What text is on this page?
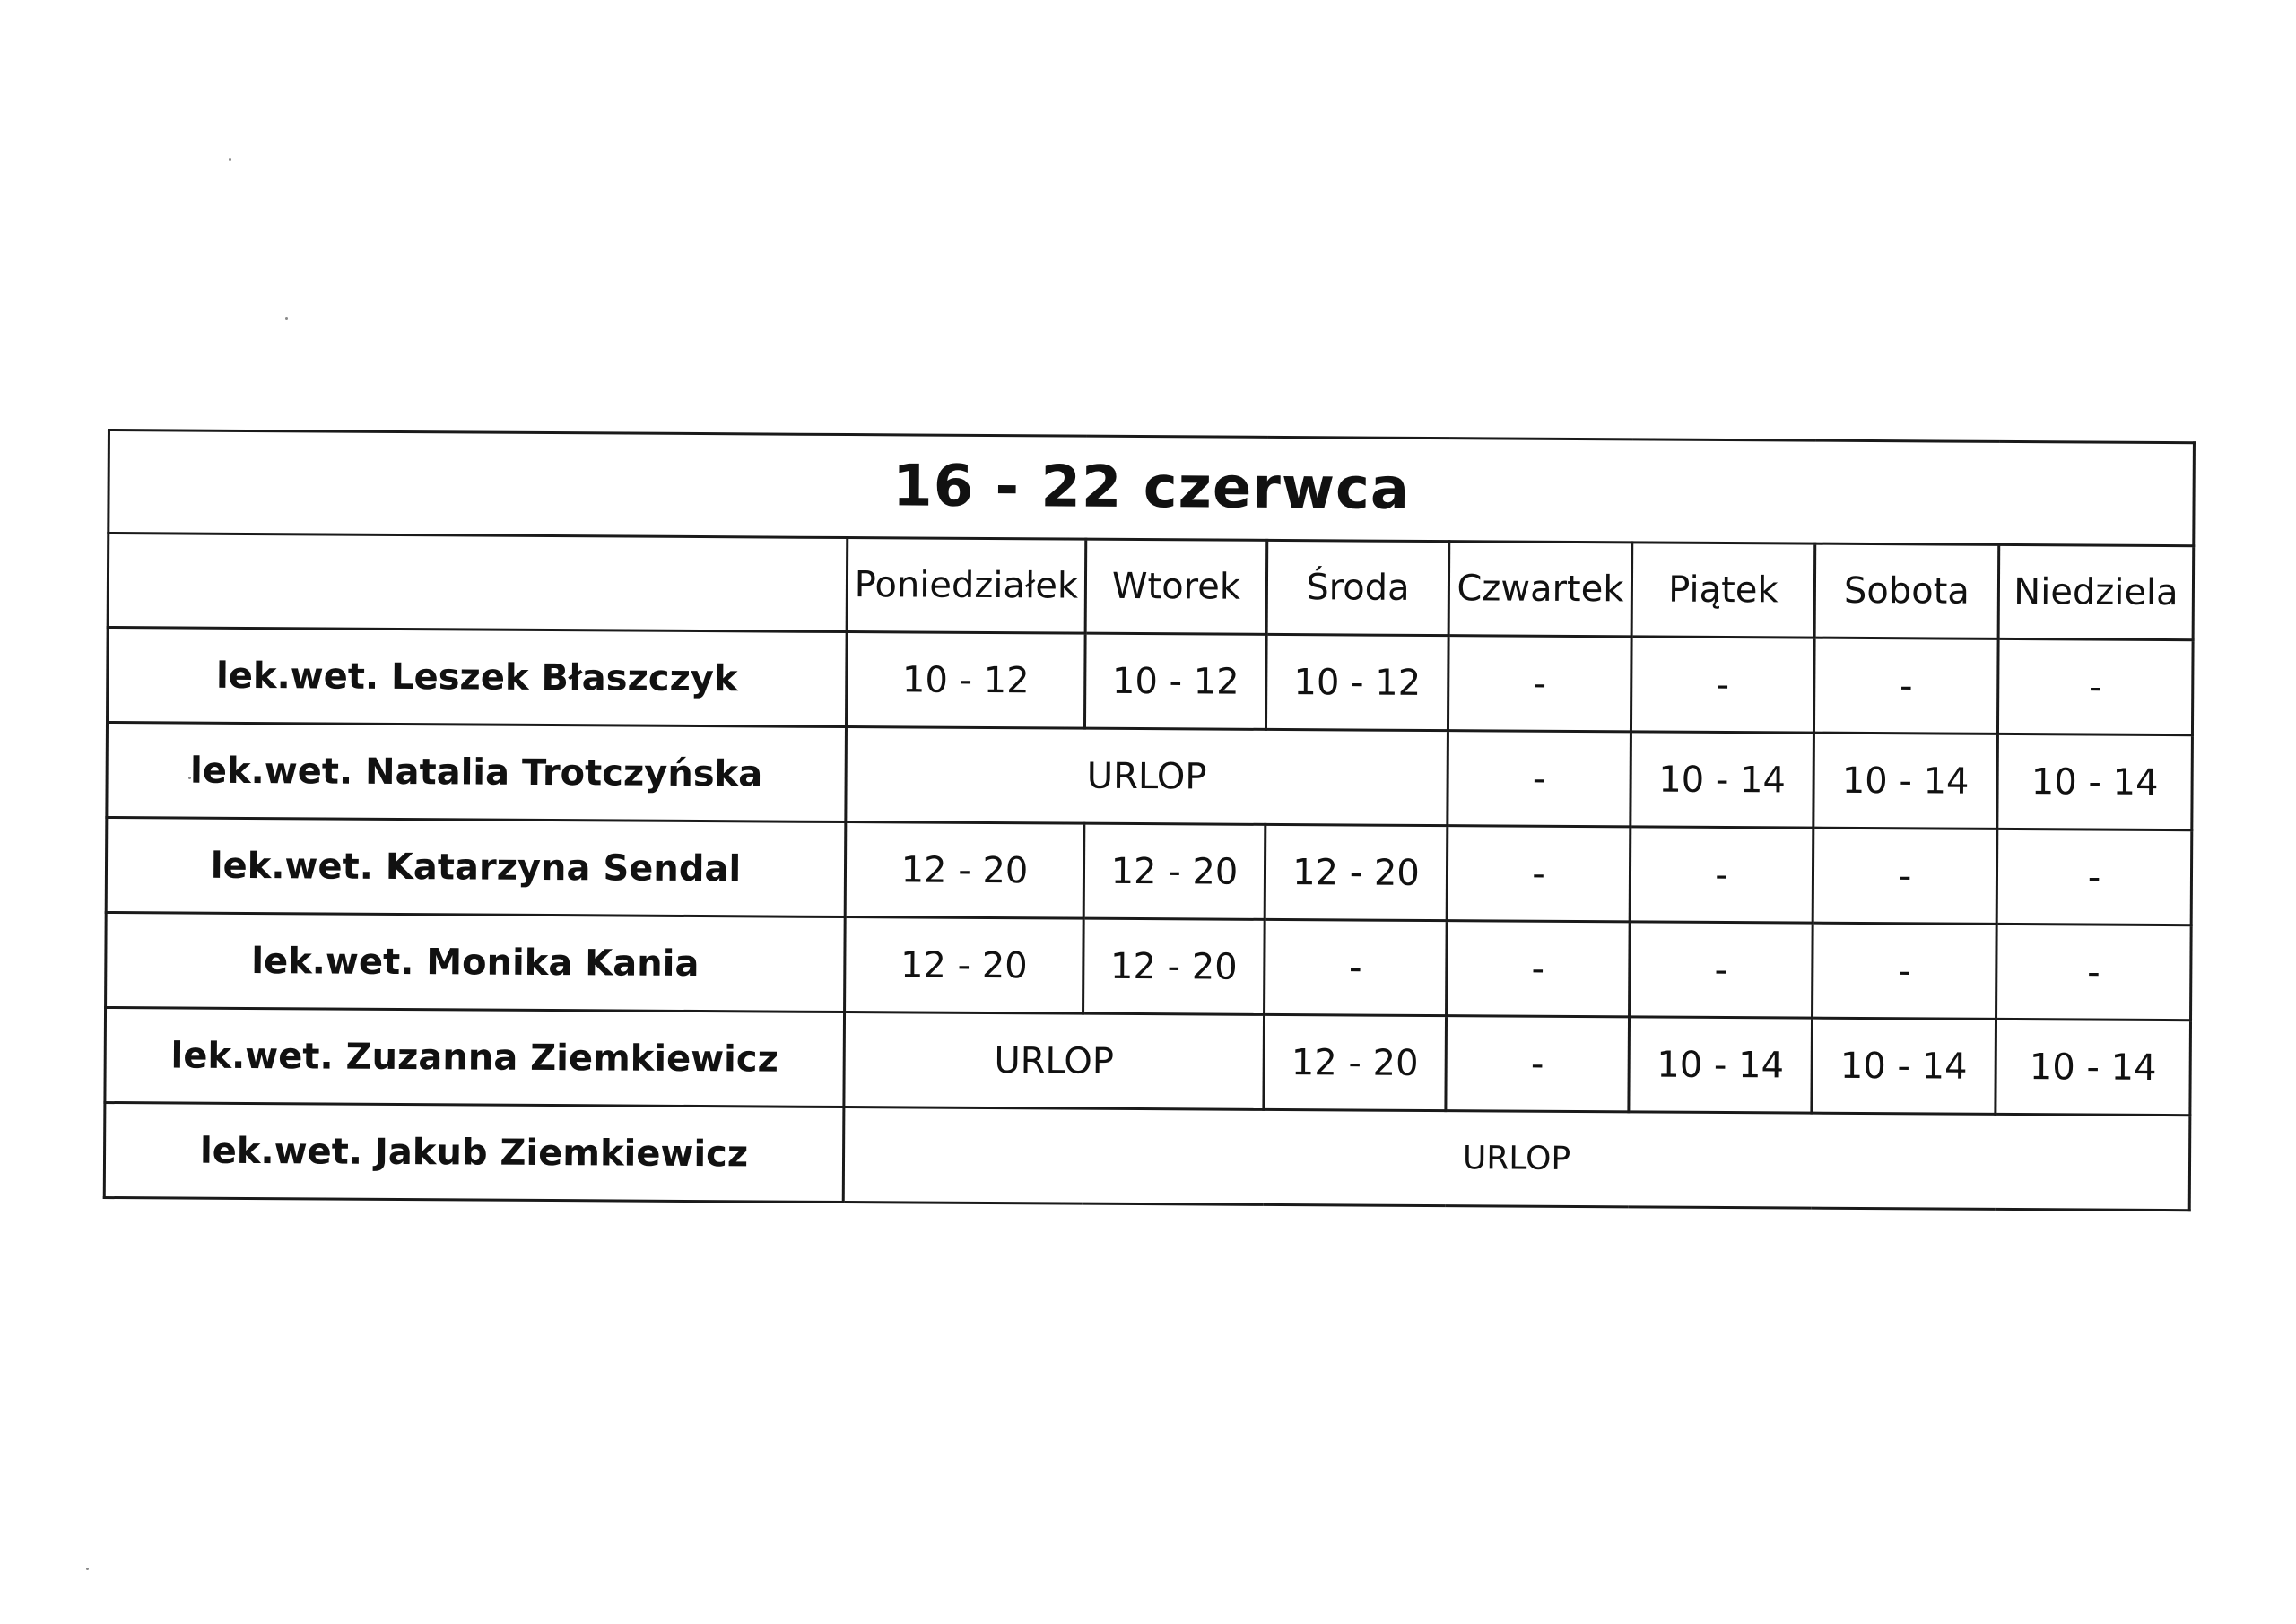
16 - 22 czerwca							
	Poniedziałek	Wtorek	Środa	Czwartek	Piątek	Sobota	Niedziela
lek.wet. Leszek Błaszczyk	10 - 12	10 - 12	10 - 12	-	-	-	-
lek.wet. Natalia Trotczyńska	URLOP			-	10 - 14	10 - 14	10 - 14
lek.wet. Katarzyna Sendal	12 - 20	12 - 20	12 - 20	-	-	-	-
lek.wet. Monika Kania	12 - 20	12 - 20	-	-	-	-	-
lek.wet. Zuzanna Ziemkiewicz	URLOP		12 - 20	-	10 - 14	10 - 14	10 - 14
lek.wet. Jakub Ziemkiewicz	URLOP						
